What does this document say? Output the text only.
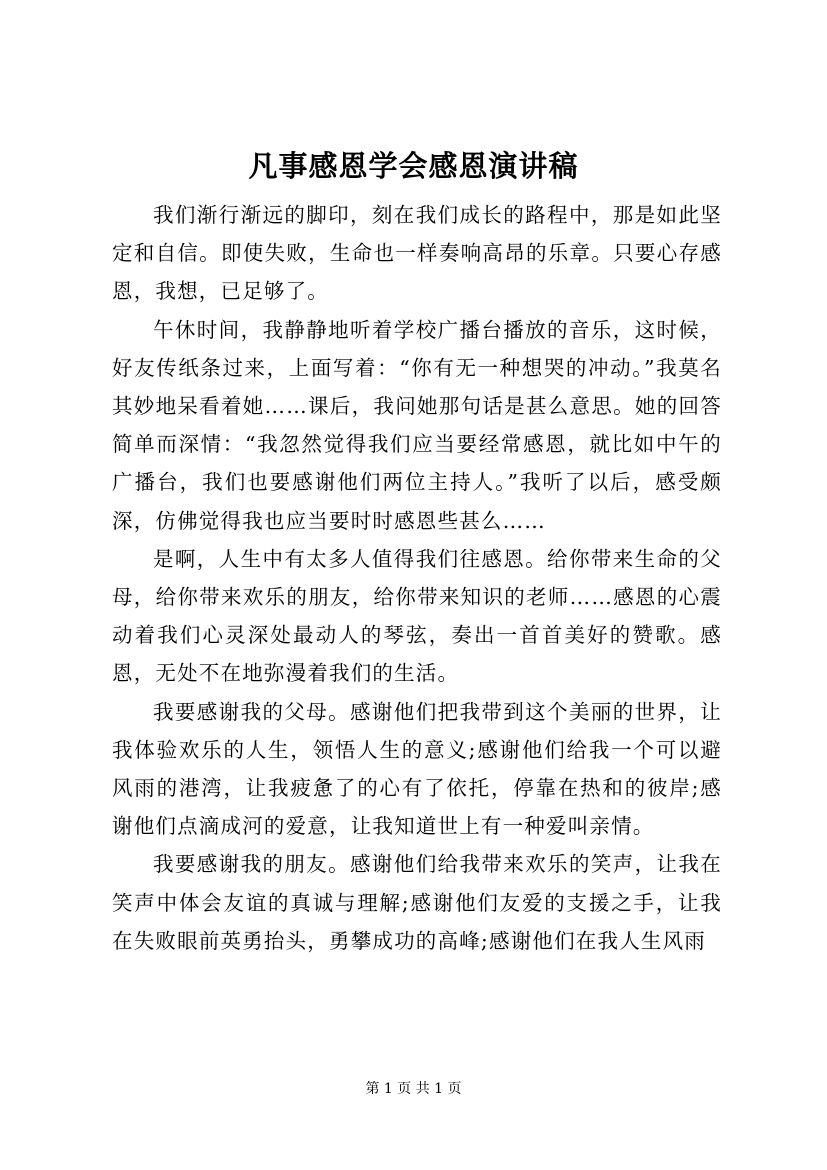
凡事感恩学会感恩演讲稿

我们渐行渐远的脚印，刻在我们成长的路程中，那是如此坚定和自信。即使失败，生命也一样奏响高昂的乐章。只要心存感恩，我想，已足够了。

午休时间，我静静地听着学校广播台播放的音乐，这时候，好友传纸条过来，上面写着：“你有无一种想哭的冲动。”我莫名其妙地呆看着她……课后，我问她那句话是甚么意思。她的回答简单而深情：“我忽然觉得我们应当要经常感恩，就比如中午的广播台，我们也要感谢他们两位主持人。”我听了以后，感受颇深，仿佛觉得我也应当要时时感恩些甚么……

是啊，人生中有太多人值得我们往感恩。给你带来生命的父母，给你带来欢乐的朋友，给你带来知识的老师……感恩的心震动着我们心灵深处最动人的琴弦，奏出一首首美好的赞歌。感恩，无处不在地弥漫着我们的生活。

我要感谢我的父母。感谢他们把我带到这个美丽的世界，让我体验欢乐的人生，领悟人生的意义;感谢他们给我一个可以避风雨的港湾，让我疲惫了的心有了依托，停靠在热和的彼岸;感谢他们点滴成河的爱意，让我知道世上有一种爱叫亲情。

我要感谢我的朋友。感谢他们给我带来欢乐的笑声，让我在笑声中体会友谊的真诚与理解;感谢他们友爱的支援之手，让我在失败眼前英勇抬头，勇攀成功的高峰;感谢他们在我人生风雨

第 1 页 共 1 页
